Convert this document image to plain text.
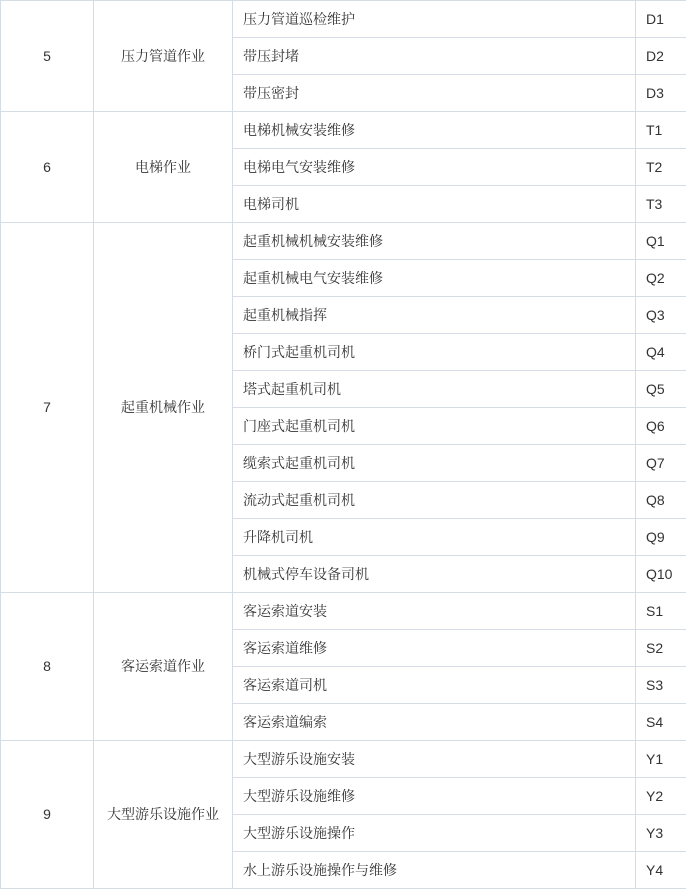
5	压力管道作业	压力管道巡检维护	D1

		带压封堵	D2

		带压密封	D3

6	电梯作业	电梯机械安装维修	T1

		电梯电气安装维修	T2

		电梯司机	T3

7	起重机械作业	起重机械机械安装维修	Q1

		起重机械电气安装维修	Q2

		起重机械指挥	Q3

		桥门式起重机司机	Q4

		塔式起重机司机	Q5

		门座式起重机司机	Q6

		缆索式起重机司机	Q7

		流动式起重机司机	Q8

		升降机司机	Q9

		机械式停车设备司机	Q10

8	客运索道作业	客运索道安装	S1

		客运索道维修	S2

		客运索道司机	S3

		客运索道编索	S4

9	大型游乐设施作业	大型游乐设施安装	Y1

		大型游乐设施维修	Y2

		大型游乐设施操作	Y3

		水上游乐设施操作与维修	Y4
